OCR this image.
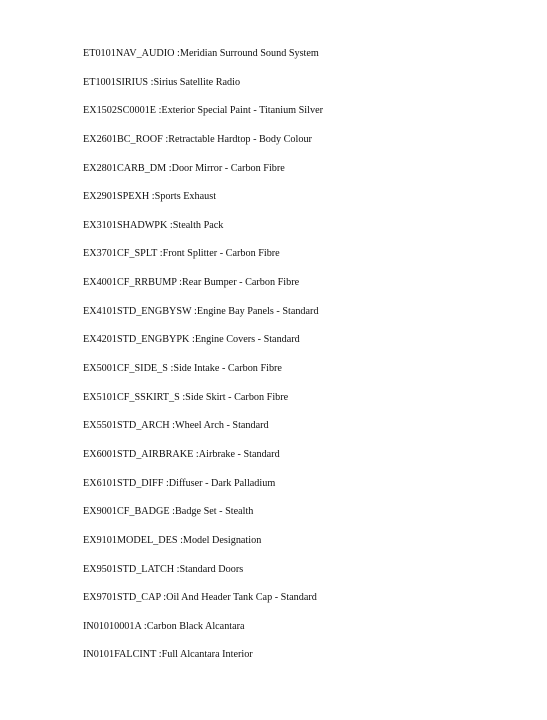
ET0101NAV_AUDIO :Meridian Surround Sound System
ET1001SIRIUS :Sirius Satellite Radio
EX1502SC0001E :Exterior Special Paint - Titanium Silver
EX2601BC_ROOF :Retractable Hardtop - Body Colour
EX2801CARB_DM :Door Mirror - Carbon Fibre
EX2901SPEXH :Sports Exhaust
EX3101SHADWPK :Stealth Pack
EX3701CF_SPLT :Front Splitter - Carbon Fibre
EX4001CF_RRBUMP :Rear Bumper - Carbon Fibre
EX4101STD_ENGBYSW :Engine Bay Panels - Standard
EX4201STD_ENGBYPK :Engine Covers - Standard
EX5001CF_SIDE_S :Side Intake - Carbon Fibre
EX5101CF_SSKIRT_S :Side Skirt - Carbon Fibre
EX5501STD_ARCH :Wheel Arch - Standard
EX6001STD_AIRBRAKE :Airbrake - Standard
EX6101STD_DIFF :Diffuser - Dark Palladium
EX9001CF_BADGE :Badge Set - Stealth
EX9101MODEL_DES :Model Designation
EX9501STD_LATCH :Standard Doors
EX9701STD_CAP :Oil And Header Tank Cap - Standard
IN01010001A :Carbon Black Alcantara
IN0101FALCINT :Full Alcantara Interior
